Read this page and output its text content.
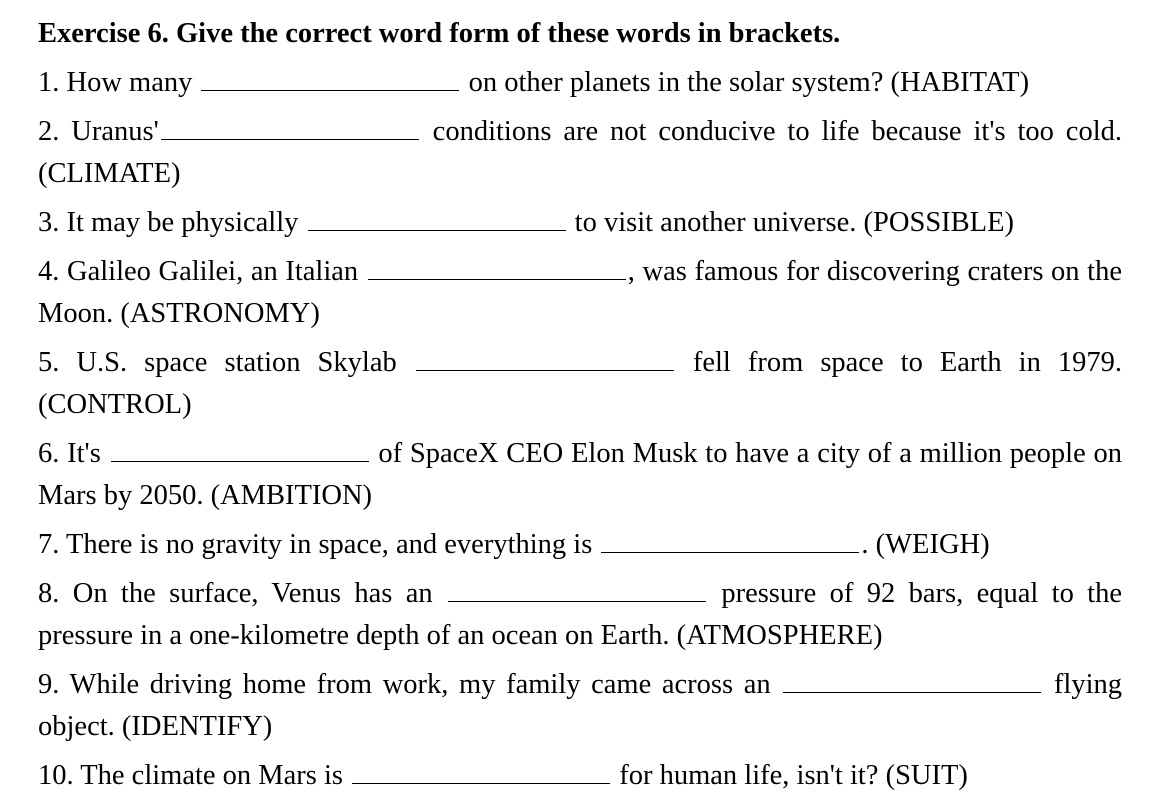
Exercise 6. Give the correct word form of these words in brackets.
1. How many	on other planets in the solar system? (HABITAT)
2. Uranus'	conditions are not conducive to life because it's too cold. (CLIMATE)
3. It may be physically	to visit another universe. (POSSIBLE)
4. Galileo Galilei, an Italian	, was famous for discovering craters on the Moon. (ASTRONOMY)
5. U.S. space station Skylab	fell from space to Earth in 1979. (CONTROL)
6. It's	of SpaceX CEO Elon Musk to have a city of a million people on Mars by 2050. (AMBITION)
7. There is no gravity in space, and everything is	. (WEIGH)
8. On the surface, Venus has an	pressure of 92 bars, equal to the pressure in a one-kilometre depth of an ocean on Earth. (ATMOSPHERE)
9. While driving home from work, my family came across an	flying object. (IDENTIFY)
10. The climate on Mars is	for human life, isn't it? (SUIT)
